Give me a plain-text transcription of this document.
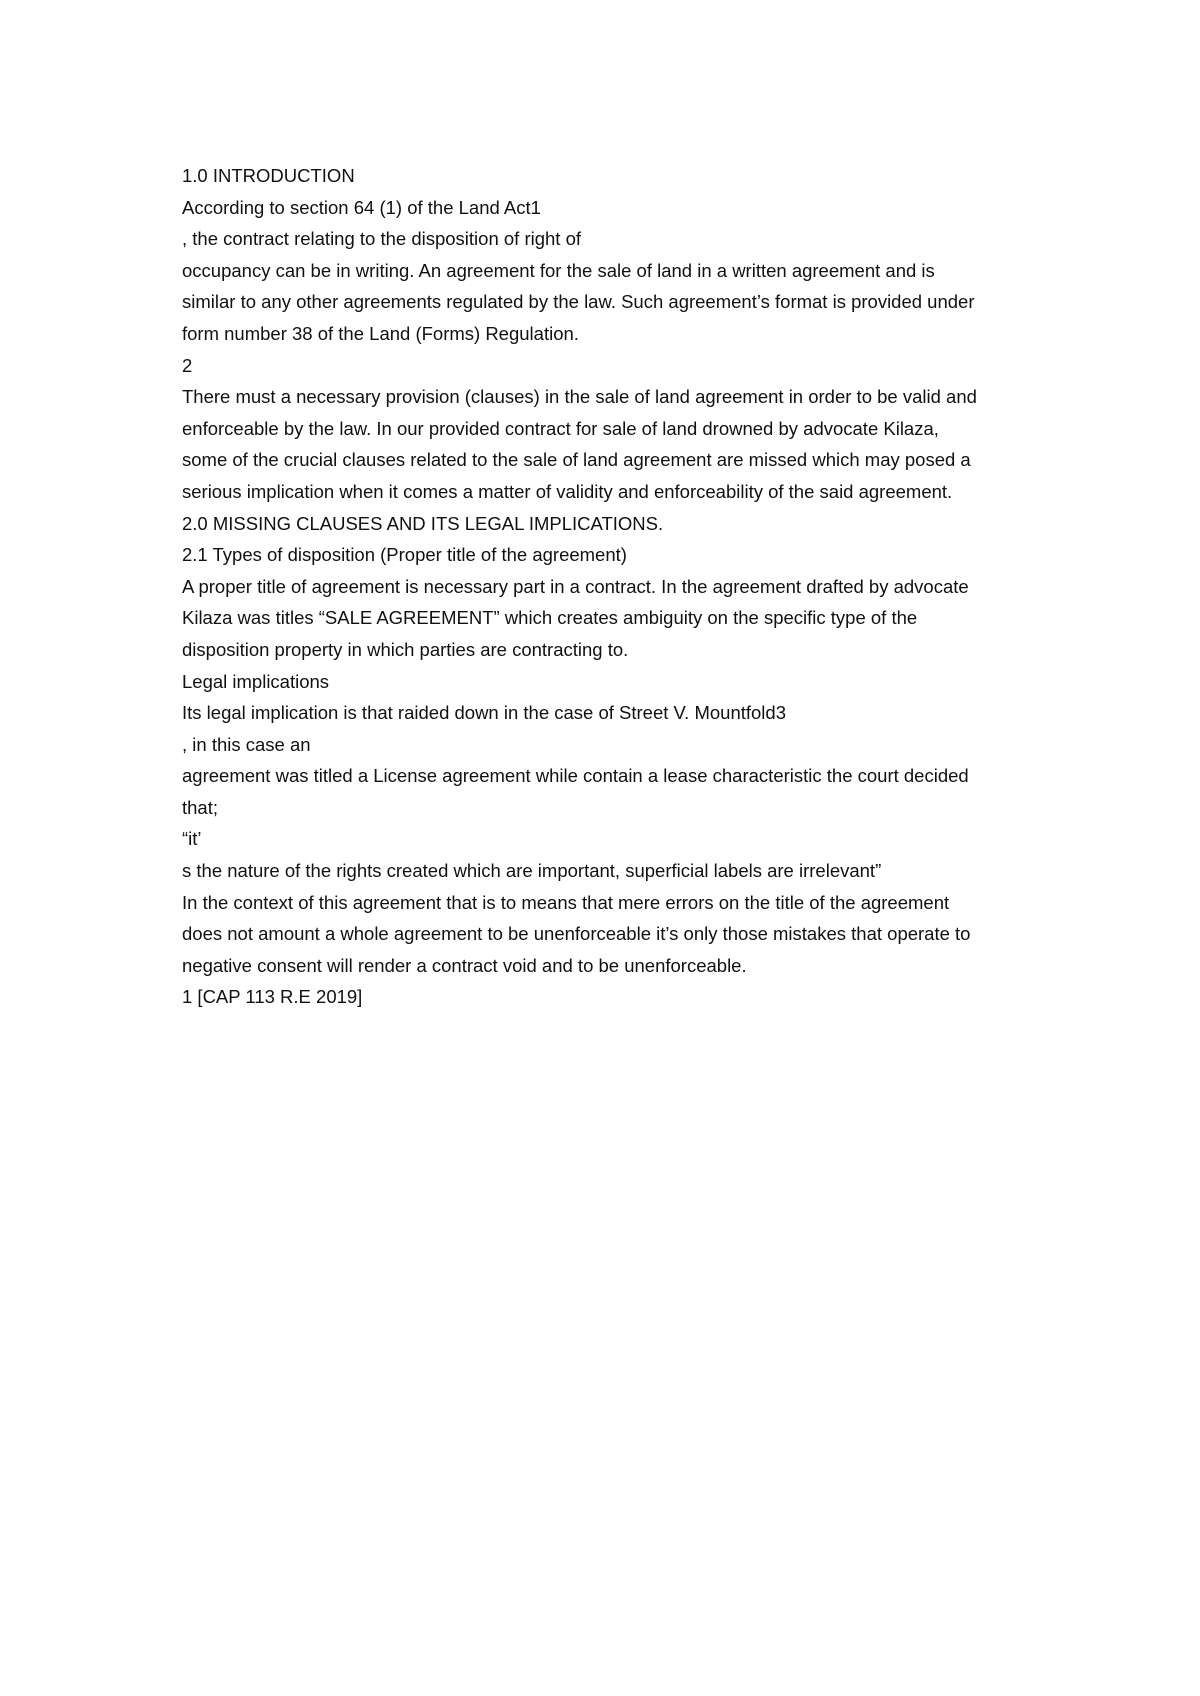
1.0 INTRODUCTION
According to section 64 (1) of the Land Act1
, the contract relating to the disposition of right of
occupancy can be in writing. An agreement for the sale of land in a written agreement and is
similar to any other agreements regulated by the law. Such agreement’s format is provided under
form number 38 of the Land (Forms) Regulation.
2
There must a necessary provision (clauses) in the sale of land agreement in order to be valid and
enforceable by the law. In our provided contract for sale of land drowned by advocate Kilaza,
some of the crucial clauses related to the sale of land agreement are missed which may posed a
serious implication when it comes a matter of validity and enforceability of the said agreement.
2.0 MISSING CLAUSES AND ITS LEGAL IMPLICATIONS.
2.1 Types of disposition (Proper title of the agreement)
A proper title of agreement is necessary part in a contract. In the agreement drafted by advocate
Kilaza was titles “SALE AGREEMENT” which creates ambiguity on the specific type of the
disposition property in which parties are contracting to.
Legal implications
Its legal implication is that raided down in the case of Street V. Mountfold3
, in this case an
agreement was titled a License agreement while contain a lease characteristic the court decided
that;
“it’
s the nature of the rights created which are important, superficial labels are irrelevant”
In the context of this agreement that is to means that mere errors on the title of the agreement
does not amount a whole agreement to be unenforceable it’s only those mistakes that operate to
negative consent will render a contract void and to be unenforceable.
1 [CAP 113 R.E 2019]
